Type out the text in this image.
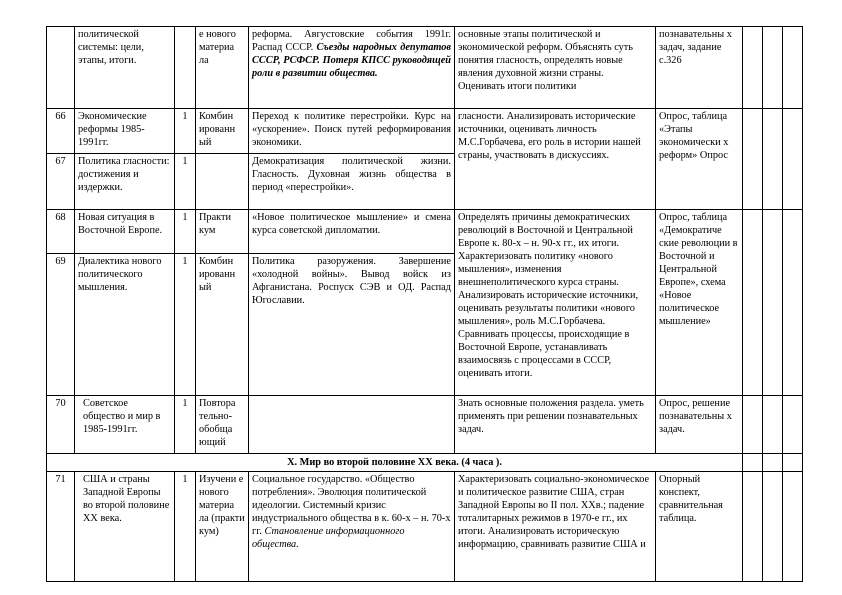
	политической системы: цели, этапы, итоги.		е нового материа ла	реформа. Августовские события 1991г. Распад СССР. Съезды народных депутатов СССР, РСФСР. Потеря КПСС руководящей роли в развитии общества.	основные этапы политической и экономической реформ. Объяснять суть понятия гласность, определять новые явления духовной жизни страны. Оценивать итоги политики	познавательны х задач, задание с.326			
66	Экономические реформы 1985-1991гг.	1	Комбин ированн ый	Переход к политике перестройки. Курс на «ускорение». Поиск путей реформирования экономики.	гласности. Анализировать исторические источники, оценивать личность М.С.Горбачева, его роль в истории нашей страны, участвовать в дискуссиях.	Опрос, таблица «Этапы экономически х реформ» Опрос			
67	Политика гласности: достижения и издержки.	1		Демократизация политической жизни. Гласность. Духовная жизнь общества в период «перестройки».					
68	Новая ситуация в Восточной Европе.	1	Практи кум	«Новое политическое мышление» и смена курса советской дипломатии.	Определять причины демократических революций в Восточной и Центральной Европе к. 80-х – н. 90-х гг., их итоги. Характеризовать политику «нового мышления», изменения внешнеполитического курса страны. Анализировать исторические источники, оценивать результаты политики «нового мышления», роль М.С.Горбачева. Сравнивать процессы, происходящие в Восточной Европе, устанавливать взаимосвязь с процессами в СССР, оценивать итоги.	Опрос, таблица «Демократиче ские революции в Восточной и Центральной Европе», схема «Новое политическое мышление»			
69	Диалектика нового политического мышления.	1	Комбин ированн ый	Политика разоружения. Завершение «холодной войны». Вывод войск из Афганистана. Роспуск СЭВ и ОД. Распад Югославии.					
70	Советское общество и мир в 1985-1991гг.	1	Повтора тельно-обобща ющий		Знать основные положения раздела. уметь применять при решении познавательных задач.	Опрос, решение познавательны х задач.			
X. Мир во второй половине XX века. (4 часа ).									
71	США и страны Западной Европы во второй половине XX века.	1	Изучени е нового материа ла (практи кум)	Социальное государство. «Общество потребления». Эволюция политической идеологии. Системный кризис индустриального общества в к. 60-х – н. 70-х гг. Становление информационного общества.	Характеризовать социально-экономическое и политическое развитие США, стран Западной Европы во II пол. XXв.; падение тоталитарных режимов в 1970-е гг., их итоги. Анализировать историческую информацию, сравнивать развитие США и	Опорный конспект, сравнительная таблица.			
